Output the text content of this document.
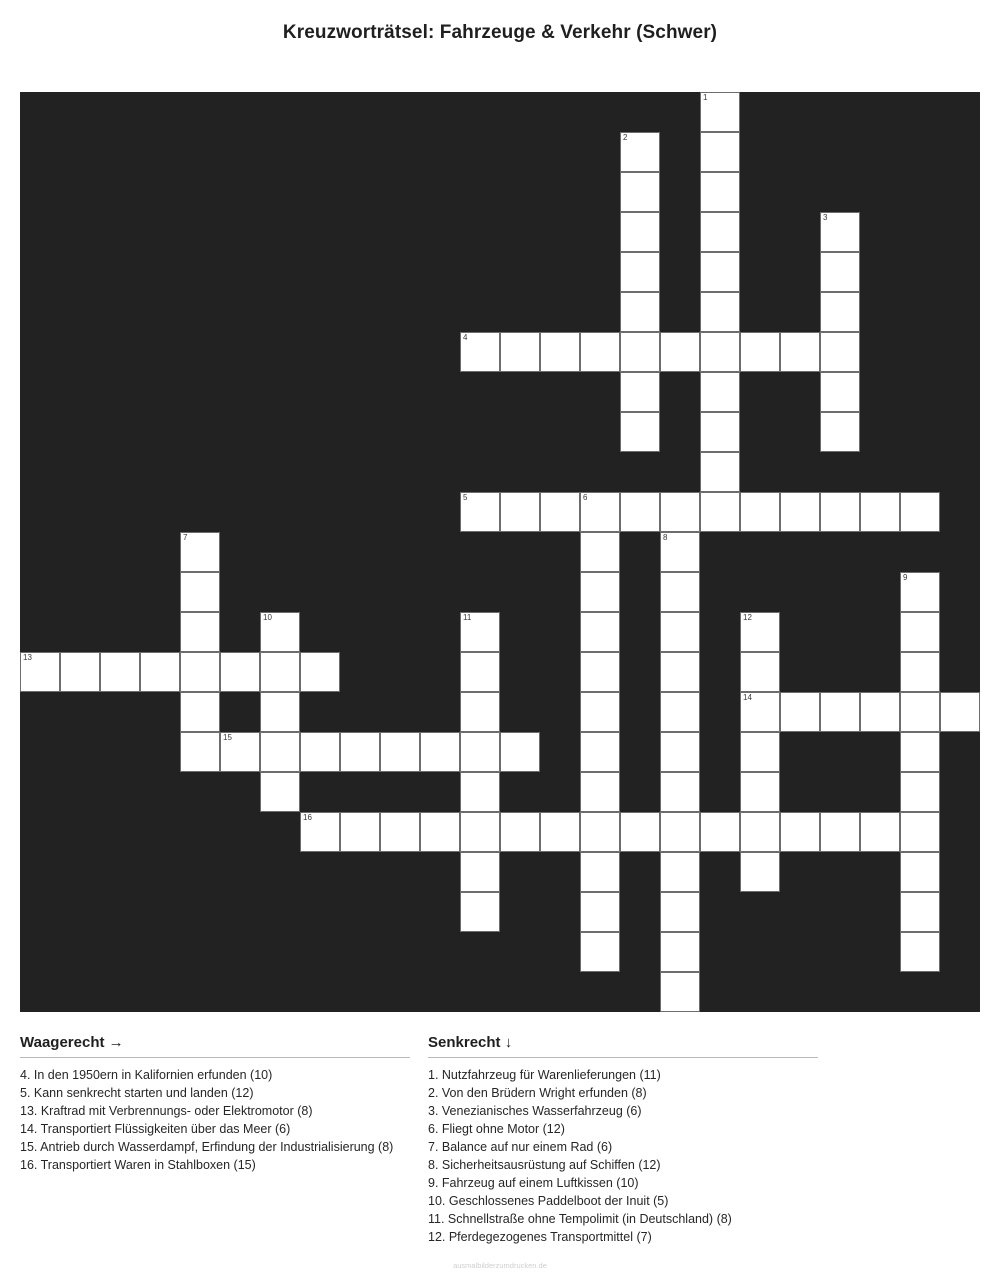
Kreuzworträtsel: Fahrzeuge & Verkehr (Schwer)
1
2
3
4
5	6
8
7
9
10	11	12
13
14
15
16
Waagerecht →
4. In den 1950ern in Kalifornien erfunden (10)
5. Kann senkrecht starten und landen (12)
13. Kraftrad mit Verbrennungs- oder Elektromotor (8)
14. Transportiert Flüssigkeiten über das Meer (6)
15. Antrieb durch Wasserdampf, Erfindung der Industrialisierung (8)
16. Transportiert Waren in Stahlboxen (15)
Senkrecht ↓
1. Nutzfahrzeug für Warenlieferungen (11)
2. Von den Brüdern Wright erfunden (8)
3. Venezianisches Wasserfahrzeug (6)
6. Fliegt ohne Motor (12)
7. Balance auf nur einem Rad (6)
8. Sicherheitsausrüstung auf Schiffen (12)
9. Fahrzeug auf einem Luftkissen (10)
10. Geschlossenes Paddelboot der Inuit (5)
11. Schnellstraße ohne Tempolimit (in Deutschland) (8)
12. Pferdegezogenes Transportmittel (7)
ausmalbilderzumdrucken.de
